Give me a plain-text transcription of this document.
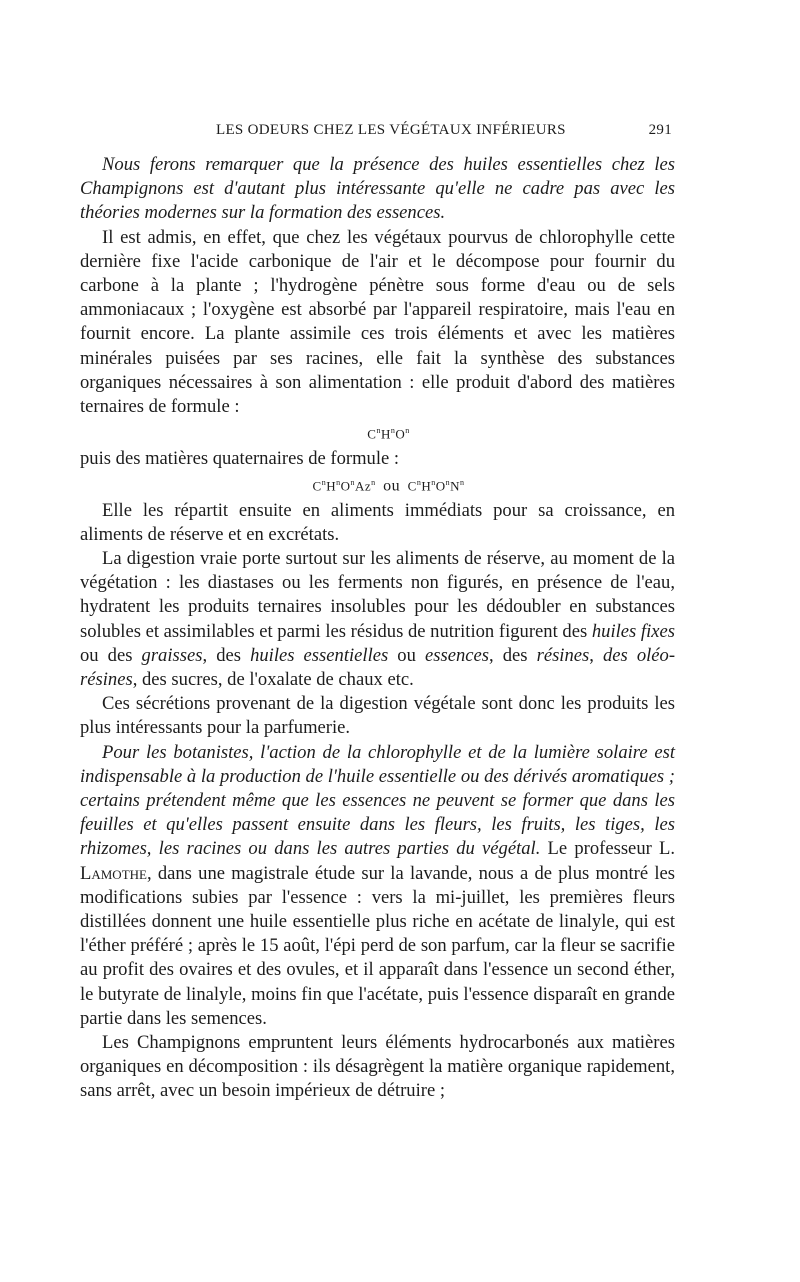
LES ODEURS CHEZ LES VÉGÉTAUX INFÉRIEURS	291

Nous ferons remarquer que la présence des huiles essentielles chez les Champignons est d'autant plus intéressante qu'elle ne cadre pas avec les théories modernes sur la formation des essences.

Il est admis, en effet, que chez les végétaux pourvus de chlorophylle cette dernière fixe l'acide carbonique de l'air et le décompose pour fournir du carbone à la plante ; l'hydrogène pénètre sous forme d'eau ou de sels ammoniacaux ; l'oxygène est absorbé par l'appareil respiratoire, mais l'eau en fournit encore. La plante assimile ces trois éléments et avec les matières minérales puisées par ses racines, elle fait la synthèse des substances organiques nécessaires à son alimentation : elle produit d'abord des matières ternaires de formule :

$C^nH^nO^n$

puis des matières quaternaires de formule :

$C^nH^nO^nAz^n$ ou $C^nH^nO^nN^n$

Elle les répartit ensuite en aliments immédiats pour sa croissance, en aliments de réserve et en excrétats.

La digestion vraie porte surtout sur les aliments de réserve, au moment de la végétation : les diastases ou les ferments non figurés, en présence de l'eau, hydratent les produits ternaires insolubles pour les dédoubler en substances solubles et assimilables et parmi les résidus de nutrition figurent des huiles fixes ou des graisses, des huiles essentielles ou essences, des résines, des oléo-résines, des sucres, de l'oxalate de chaux etc.

Ces sécrétions provenant de la digestion végétale sont donc les produits les plus intéressants pour la parfumerie.

Pour les botanistes, l'action de la chlorophylle et de la lumière solaire est indispensable à la production de l'huile essentielle ou des dérivés aromatiques ; certains prétendent même que les essences ne peuvent se former que dans les feuilles et qu'elles passent ensuite dans les fleurs, les fruits, les tiges, les rhizomes, les racines ou dans les autres parties du végétal. Le professeur L. Lamothe, dans une magistrale étude sur la lavande, nous a de plus montré les modifications subies par l'essence : vers la mi-juillet, les premières fleurs distillées donnent une huile essentielle plus riche en acétate de linalyle, qui est l'éther préféré ; après le 15 août, l'épi perd de son parfum, car la fleur se sacrifie au profit des ovaires et des ovules, et il apparaît dans l'essence un second éther, le butyrate de linalyle, moins fin que l'acétate, puis l'essence disparaît en grande partie dans les semences.

Les Champignons empruntent leurs éléments hydrocarbonés aux matières organiques en décomposition : ils désagrègent la matière organique rapidement, sans arrêt, avec un besoin impérieux de détruire ;
